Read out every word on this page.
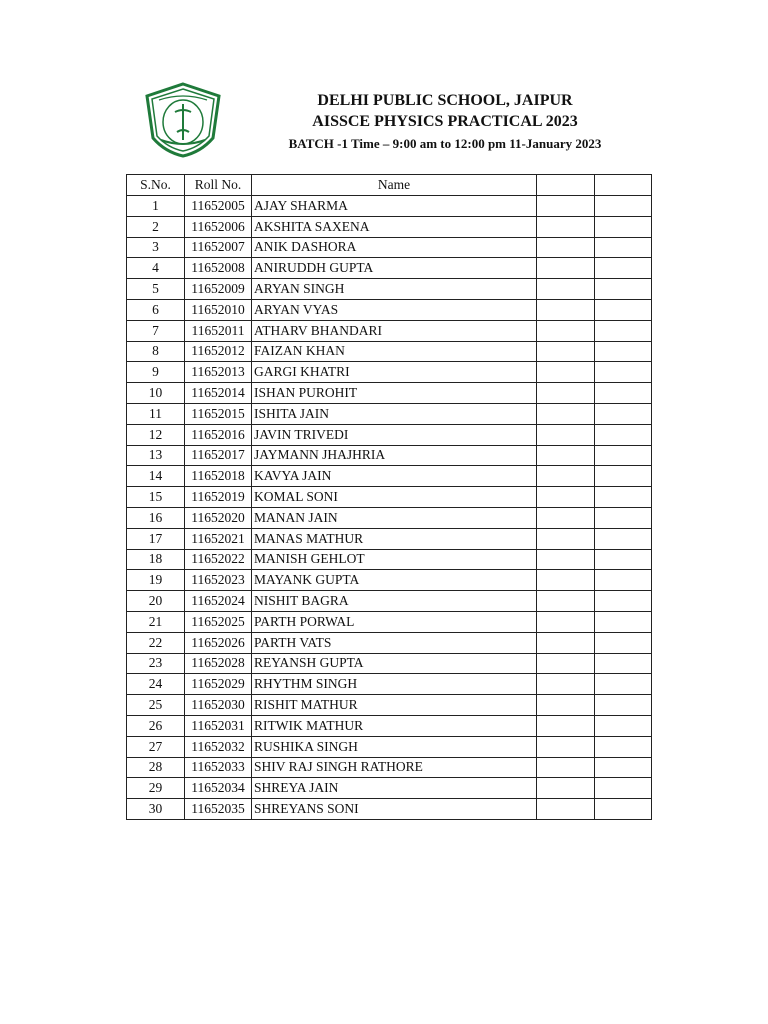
DELHI PUBLIC SCHOOL, JAIPUR
AISSCE PHYSICS PRACTICAL 2023
BATCH -1 Time – 9:00 am to 12:00 pm 11-January 2023
S.No.	Roll No.	Name		
1	11652005	AJAY SHARMA		
2	11652006	AKSHITA SAXENA		
3	11652007	ANIK DASHORA		
4	11652008	ANIRUDDH GUPTA		
5	11652009	ARYAN SINGH		
6	11652010	ARYAN VYAS		
7	11652011	ATHARV BHANDARI		
8	11652012	FAIZAN KHAN		
9	11652013	GARGI KHATRI		
10	11652014	ISHAN PUROHIT		
11	11652015	ISHITA JAIN		
12	11652016	JAVIN TRIVEDI		
13	11652017	JAYMANN JHAJHRIA		
14	11652018	KAVYA JAIN		
15	11652019	KOMAL SONI		
16	11652020	MANAN JAIN		
17	11652021	MANAS MATHUR		
18	11652022	MANISH GEHLOT		
19	11652023	MAYANK GUPTA		
20	11652024	NISHIT BAGRA		
21	11652025	PARTH PORWAL		
22	11652026	PARTH VATS		
23	11652028	REYANSH GUPTA		
24	11652029	RHYTHM SINGH		
25	11652030	RISHIT MATHUR		
26	11652031	RITWIK MATHUR		
27	11652032	RUSHIKA SINGH		
28	11652033	SHIV RAJ SINGH RATHORE		
29	11652034	SHREYA JAIN		
30	11652035	SHREYANS SONI		
